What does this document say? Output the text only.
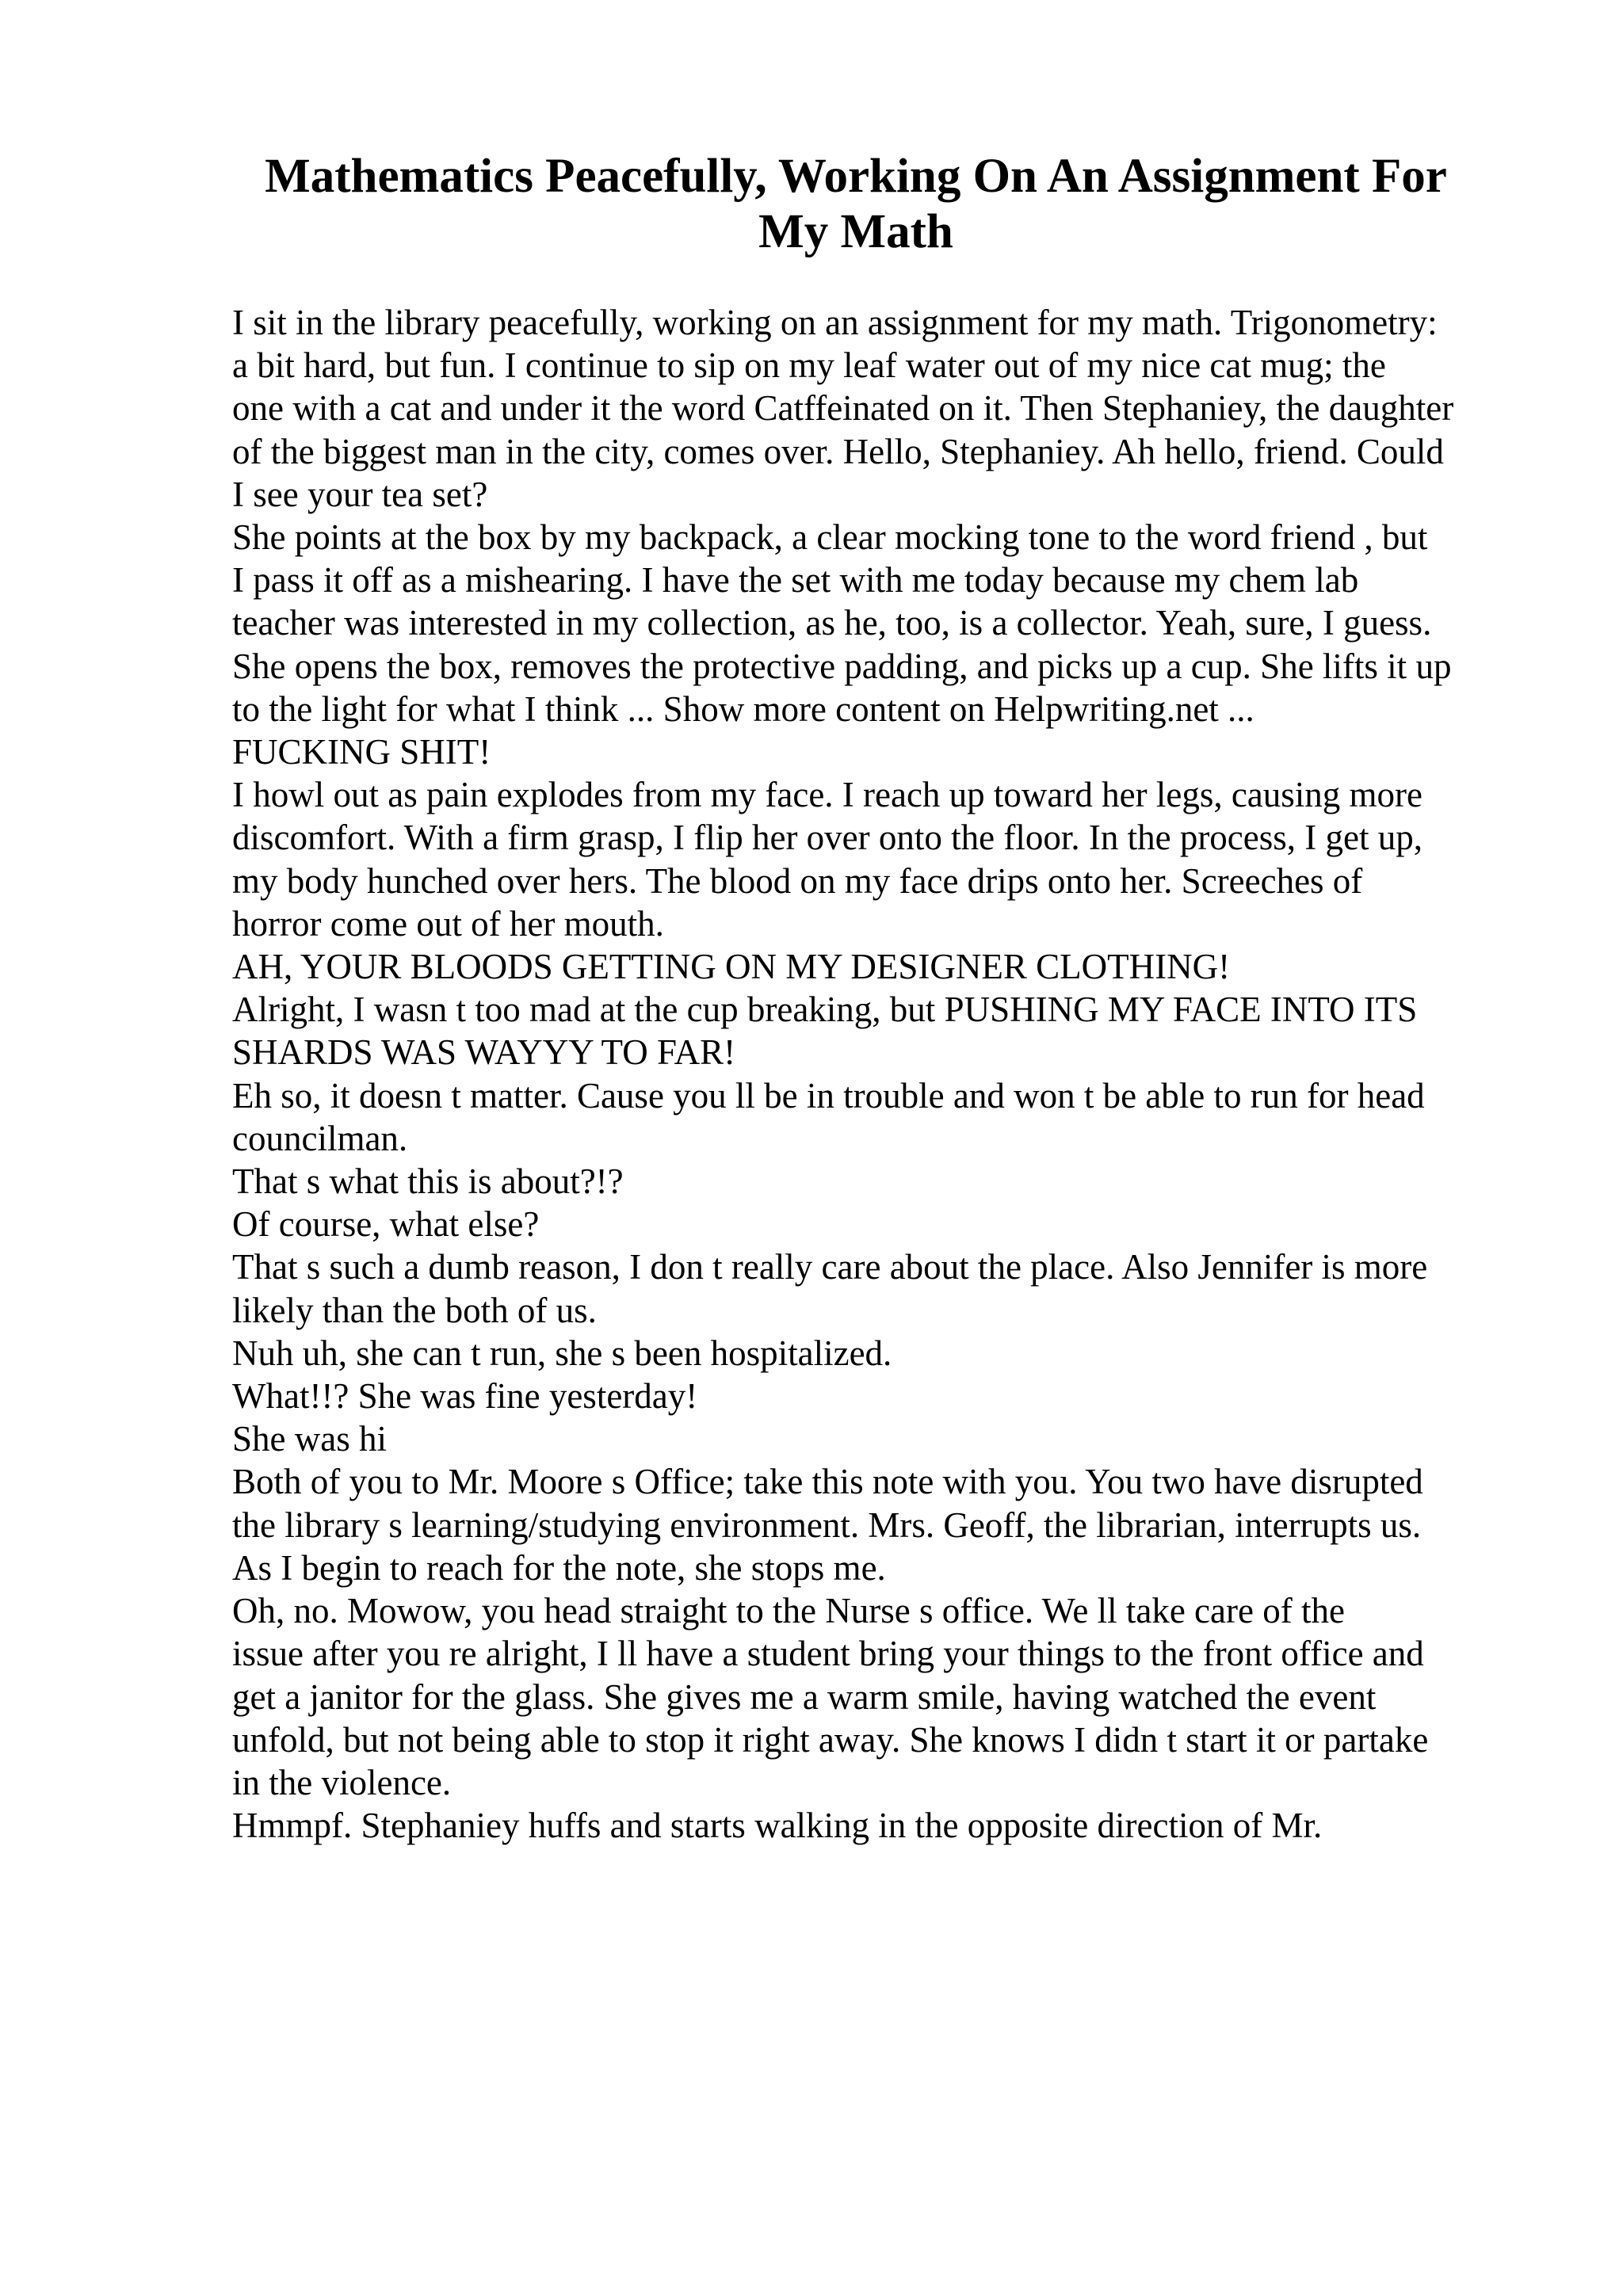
Mathematics Peacefully, Working On An Assignment For
My Math
I sit in the library peacefully, working on an assignment for my math. Trigonometry:
a bit hard, but fun. I continue to sip on my leaf water out of my nice cat mug; the
one with a cat and under it the word Catffeinated on it. Then Stephaniey, the daughter
of the biggest man in the city, comes over. Hello, Stephaniey. Ah hello, friend. Could
I see your tea set?
She points at the box by my backpack, a clear mocking tone to the word friend , but
I pass it off as a mishearing. I have the set with me today because my chem lab
teacher was interested in my collection, as he, too, is a collector. Yeah, sure, I guess.
She opens the box, removes the protective padding, and picks up a cup. She lifts it up
to the light for what I think ... Show more content on Helpwriting.net ...
FUCKING SHIT!
I howl out as pain explodes from my face. I reach up toward her legs, causing more
discomfort. With a firm grasp, I flip her over onto the floor. In the process, I get up,
my body hunched over hers. The blood on my face drips onto her. Screeches of
horror come out of her mouth.
AH, YOUR BLOODS GETTING ON MY DESIGNER CLOTHING!
Alright, I wasn t too mad at the cup breaking, but PUSHING MY FACE INTO ITS
SHARDS WAS WAYYY TO FAR!
Eh so, it doesn t matter. Cause you ll be in trouble and won t be able to run for head
councilman.
That s what this is about?!?
Of course, what else?
That s such a dumb reason, I don t really care about the place. Also Jennifer is more
likely than the both of us.
Nuh uh, she can t run, she s been hospitalized.
What!!? She was fine yesterday!
She was hi
Both of you to Mr. Moore s Office; take this note with you. You two have disrupted
the library s learning/studying environment. Mrs. Geoff, the librarian, interrupts us.
As I begin to reach for the note, she stops me.
Oh, no. Mowow, you head straight to the Nurse s office. We ll take care of the
issue after you re alright, I ll have a student bring your things to the front office and
get a janitor for the glass. She gives me a warm smile, having watched the event
unfold, but not being able to stop it right away. She knows I didn t start it or partake
in the violence.
Hmmpf. Stephaniey huffs and starts walking in the opposite direction of Mr.
